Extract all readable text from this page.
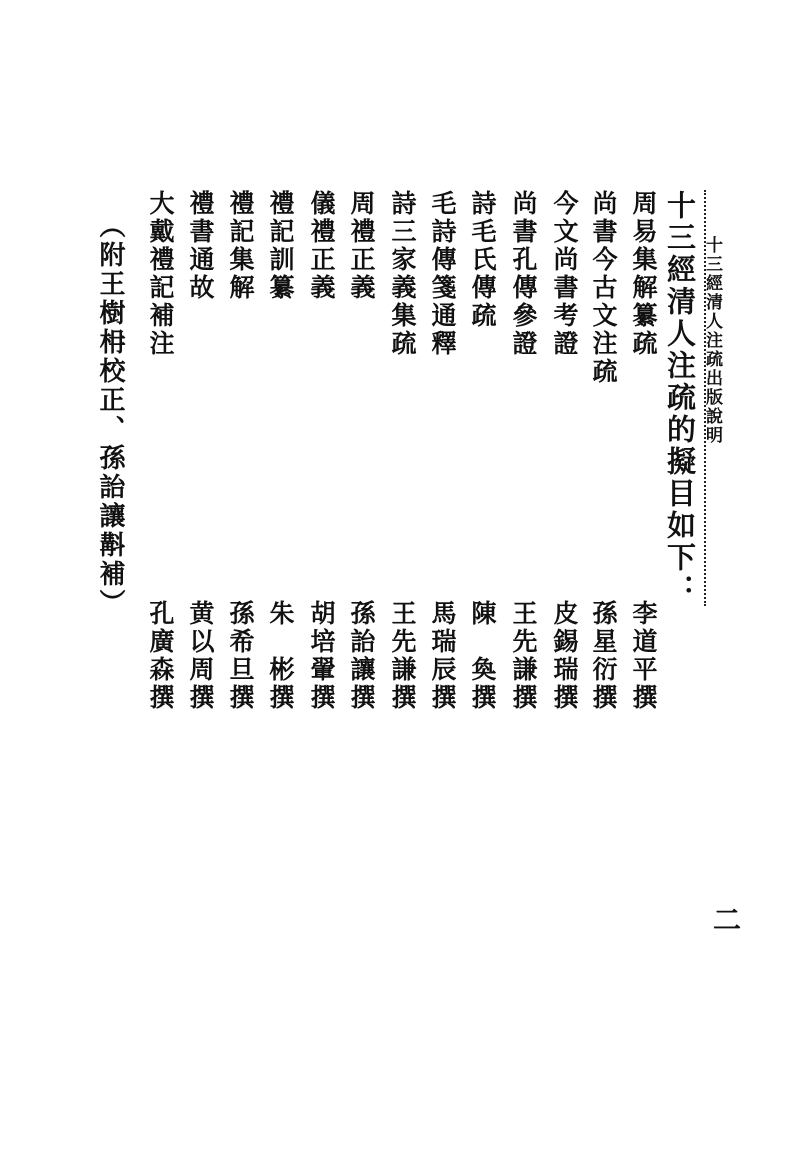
十三經清人注疏出版說明
十三經清人注疏的擬目如下：
周易集解纂疏
李道平撰
尚書今古文注疏
孫星衍撰
今文尚書考證
皮錫瑞撰
尚書孔傳參證
王先謙撰
詩毛氏傳疏
陳　奐撰
毛詩傳箋通釋
馬瑞辰撰
詩三家義集疏
王先謙撰
周禮正義
孫詒讓撰
儀禮正義
胡培翬撰
禮記訓纂
朱　彬撰
禮記集解
孫希旦撰
禮書通故
黄以周撰
大戴禮記補注
孔廣森撰
（附王樹枏校正、孫詒讓斠補）
二
